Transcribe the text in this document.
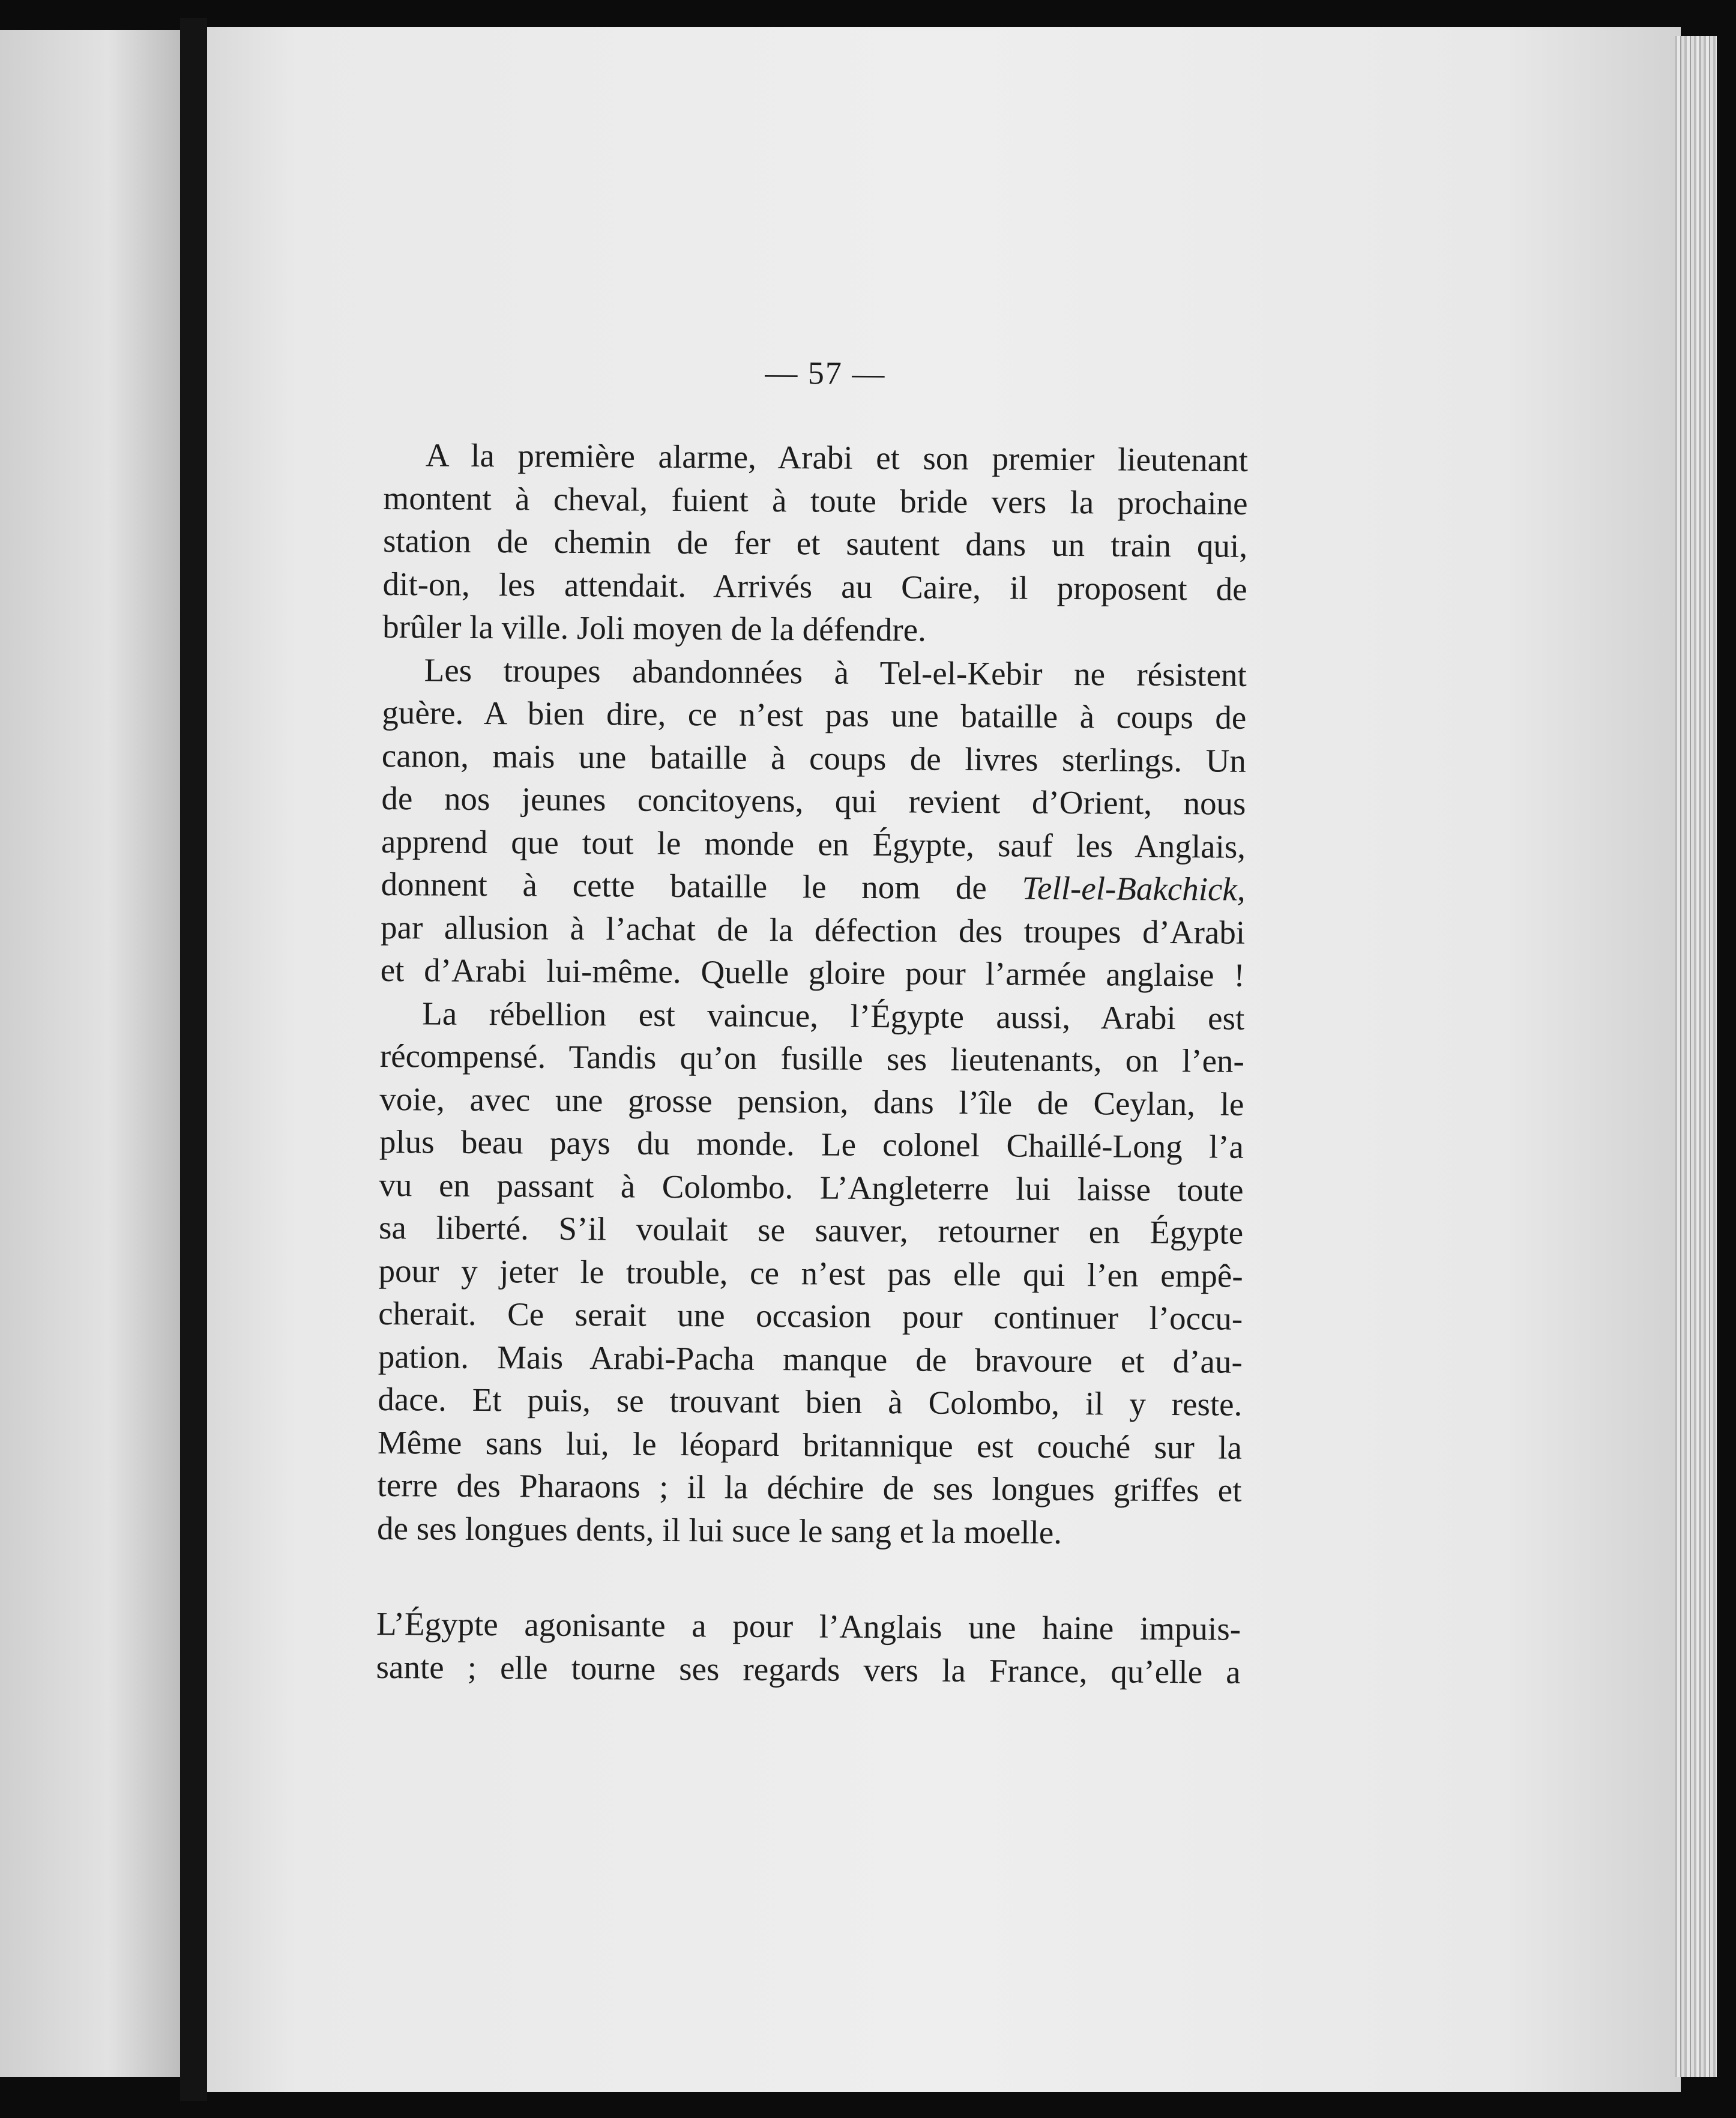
— 57 —
A la première alarme, Arabi et son premier lieutenant
montent à cheval, fuient à toute bride vers la prochaine
station de chemin de fer et sautent dans un train qui,
dit-on, les attendait. Arrivés au Caire, il proposent de
brûler la ville. Joli moyen de la défendre.
Les troupes abandonnées à Tel-el-Kebir ne résistent
guère. A bien dire, ce n’est pas une bataille à coups de
canon, mais une bataille à coups de livres sterlings. Un
de nos jeunes concitoyens, qui revient d’Orient, nous
apprend que tout le monde en Égypte, sauf les Anglais,
donnent à cette bataille le nom de Tell-el-Bakchick,
par allusion à l’achat de la défection des troupes d’Arabi
et d’Arabi lui-même. Quelle gloire pour l’armée anglaise !
La rébellion est vaincue, l’Égypte aussi, Arabi est
récompensé. Tandis qu’on fusille ses lieutenants, on l’en-
voie, avec une grosse pension, dans l’île de Ceylan, le
plus beau pays du monde. Le colonel Chaillé-Long l’a
vu en passant à Colombo. L’Angleterre lui laisse toute
sa liberté. S’il voulait se sauver, retourner en Égypte
pour y jeter le trouble, ce n’est pas elle qui l’en empê-
cherait. Ce serait une occasion pour continuer l’occu-
pation. Mais Arabi-Pacha manque de bravoure et d’au-
dace. Et puis, se trouvant bien à Colombo, il y reste.
Même sans lui, le léopard britannique est couché sur la
terre des Pharaons ; il la déchire de ses longues griffes et
de ses longues dents, il lui suce le sang et la moelle.
L’Égypte agonisante a pour l’Anglais une haine impuis-
sante ; elle tourne ses regards vers la France, qu’elle a
